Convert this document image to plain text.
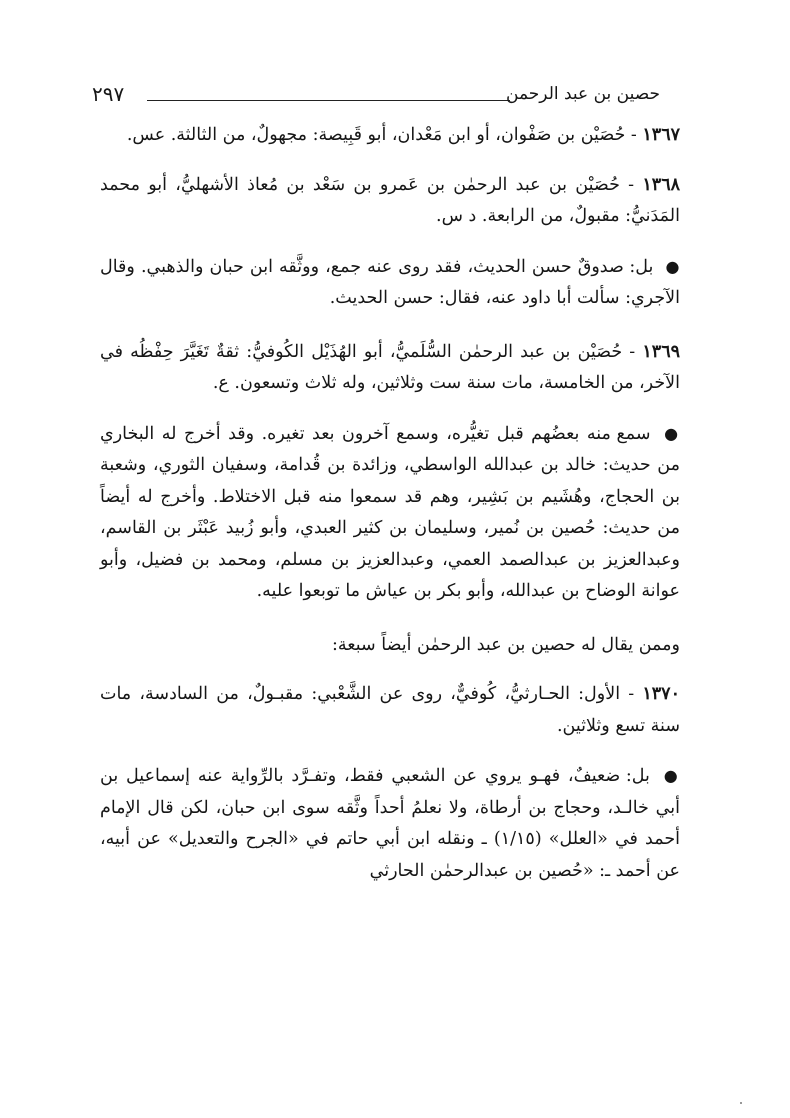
٢٩٧	حصين بن عبد الرحمن

١٣٦٧ - حُصَيْن بن صَفْوان، أو ابن مَعْدان، أبو قَبِيصة: مجهولٌ، من الثالثة. عس.

١٣٦٨ - حُصَيْن بن عبد الرحمٰن بن عَمرو بن سَعْد بن مُعاذ الأشهليُّ، أبو محمد المَدَنيُّ: مقبولٌ، من الرابعة. د س.

● بل: صدوقٌ حسن الحديث، فقد روى عنه جمع، ووثَّقه ابن حبان والذهبي. وقال الآجري: سألت أبا داود عنه، فقال: حسن الحديث.

١٣٦٩ - حُصَيْن بن عبد الرحمٰن السُّلَميُّ، أبو الهُذَيْل الكُوفيُّ: ثقةٌ تَغَيَّرَ حِفْظُه في الآخر، من الخامسة، مات سنة ست وثلاثين، وله ثلاث وتسعون. ع.

● سمع منه بعضُهم قبل تغيُّره، وسمع آخرون بعد تغيره. وقد أخرج له البخاري من حديث: خالد بن عبدالله الواسطي، وزائدة بن قُدامة، وسفيان الثوري، وشعبة بن الحجاج، وهُشَيم بن بَشِير، وهم قد سمعوا منه قبل الاختلاط. وأخرج له أيضاً من حديث: حُصين بن نُمير، وسليمان بن كثير العبدي، وأبو زُبيد عَبْثَر بن القاسم، وعبدالعزيز بن عبدالصمد العمي، وعبدالعزيز بن مسلم، ومحمد بن فضيل، وأبو عوانة الوضاح بن عبدالله، وأبو بكر بن عياش ما توبعوا عليه.

وممن يقال له حصين بن عبد الرحمٰن أيضاً سبعة:

١٣٧٠ - الأول: الحـارثيُّ، كُوفيٌّ، روى عن الشَّعْبي: مقبـولٌ، من السادسة، مات سنة تسع وثلاثين.

● بل: ضعيفٌ، فهـو يروي عن الشعبي فقط، وتفـرَّد بالرِّواية عنه إسماعيل بن أبي خالـد، وحجاج بن أرطاة، ولا نعلمُ أحداً وثَّقه سوى ابن حبان، لكن قال الإمام أحمد في «العلل» (١/١٥) ـ ونقله ابن أبي حاتم في «الجرح والتعديل» عن أبيه، عن أحمد ـ: «حُصين بن عبدالرحمٰن الحارثي
